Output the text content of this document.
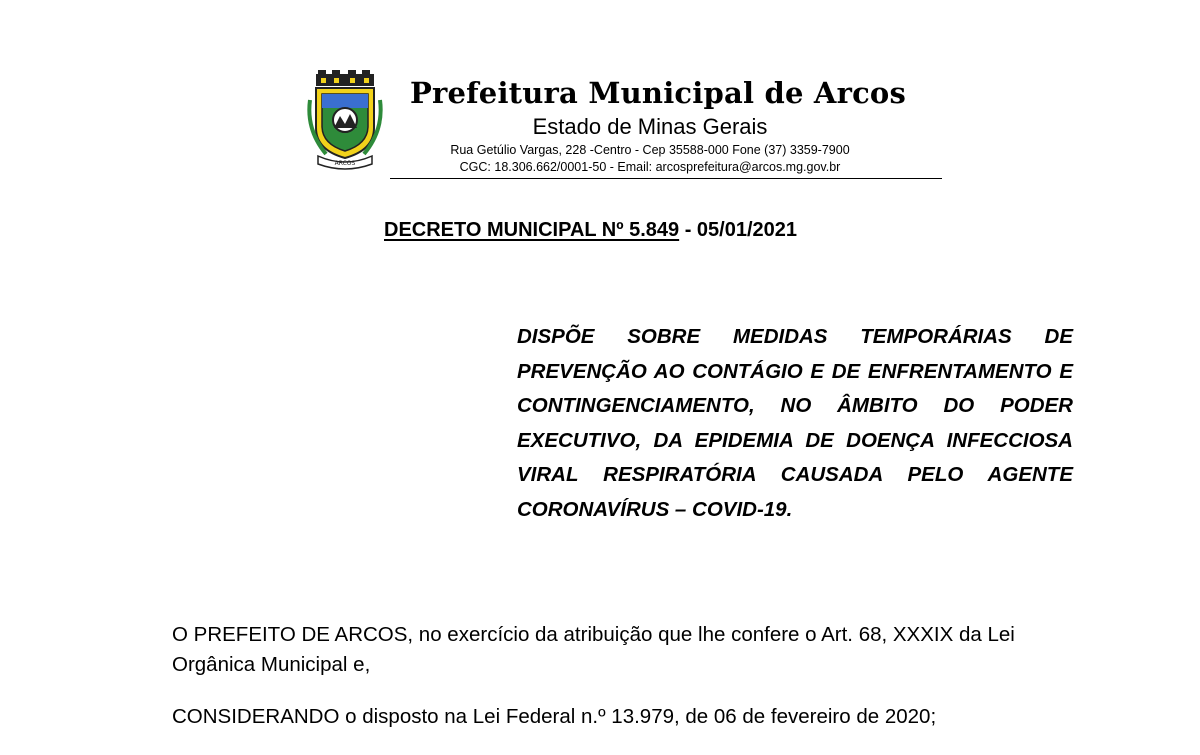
ARCOS
Prefeitura Municipal de Arcos
Estado de Minas Gerais
Rua Getúlio Vargas, 228 -Centro - Cep 35588-000 Fone (37) 3359-7900
CGC: 18.306.662/0001-50 - Email: arcosprefeitura@arcos.mg.gov.br
DECRETO MUNICIPAL Nº 5.849 - 05/01/2021
DISPÕE SOBRE MEDIDAS TEMPORÁRIAS DE PREVENÇÃO AO CONTÁGIO E DE ENFRENTAMENTO E CONTINGENCIAMENTO, NO ÂMBITO DO PODER EXECUTIVO, DA EPIDEMIA DE DOENÇA INFECCIOSA VIRAL RESPIRATÓRIA CAUSADA PELO AGENTE CORONAVÍRUS – COVID-19.
O PREFEITO DE ARCOS, no exercício da atribuição que lhe confere o Art. 68, XXXIX da Lei Orgânica Municipal e,
CONSIDERANDO o disposto na Lei Federal n.º 13.979, de 06 de fevereiro de 2020;
